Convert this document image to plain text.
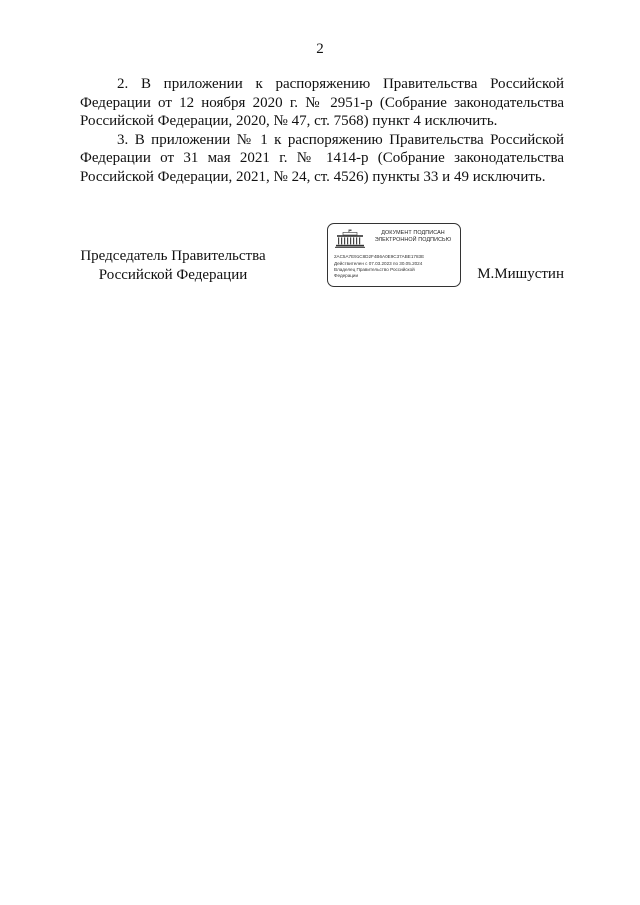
2

2. В приложении к распоряжению Правительства Российской Федерации от 12 ноября 2020 г. № 2951-р (Собрание законодательства Российской Федерации, 2020, № 47, ст. 7568) пункт 4 исключить.

3. В приложении № 1 к распоряжению Правительства Российской Федерации от 31 мая 2021 г. № 1414-р (Собрание законодательства Российской Федерации, 2021, № 24, ст. 4526) пункты 33 и 49 исключить.

Председатель Правительства
Российской Федерации
ДОКУМЕНТ ПОДПИСАН
ЭЛЕКТРОННОЙ ПОДПИСЬЮ
2AC5A7E91C8D2F4B6A0E9C37ABE1783E
Действителен с 07.03.2023 по 30.05.2024
Владелец Правительство Российской
Федерации	М.Мишустин
